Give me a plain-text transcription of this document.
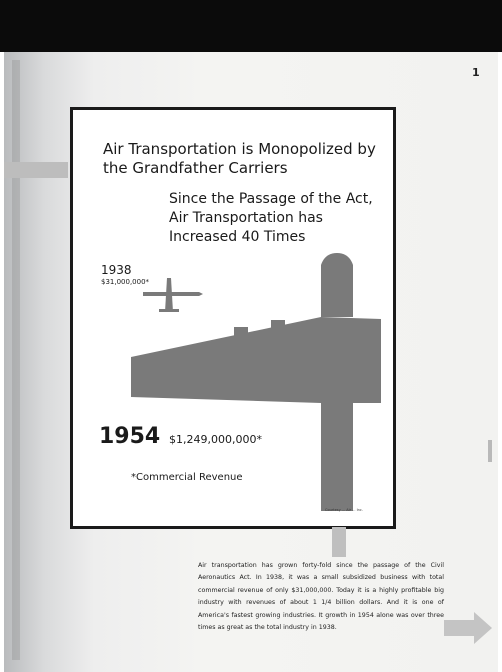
1
Air Transportation is Monopolized by the Grandfather Carriers
Since the Passage of the Act, Air Transportation has Increased 40 Times
1938
$31,000,000*
1954 $1,249,000,000*
*Commercial Revenue
Courtesy ... Air ... Inc.
Air transportation has grown forty-fold since the passage of the Civil Aeronautics Act. In 1938, it was a small subsidized business with total commercial revenue of only $31,000,000. Today it is a highly profitable big industry with revenues of about 1 1/4 billion dollars. And it is one of America's fastest growing industries. It growth in 1954 alone was over three times as great as the total industry in 1938.
